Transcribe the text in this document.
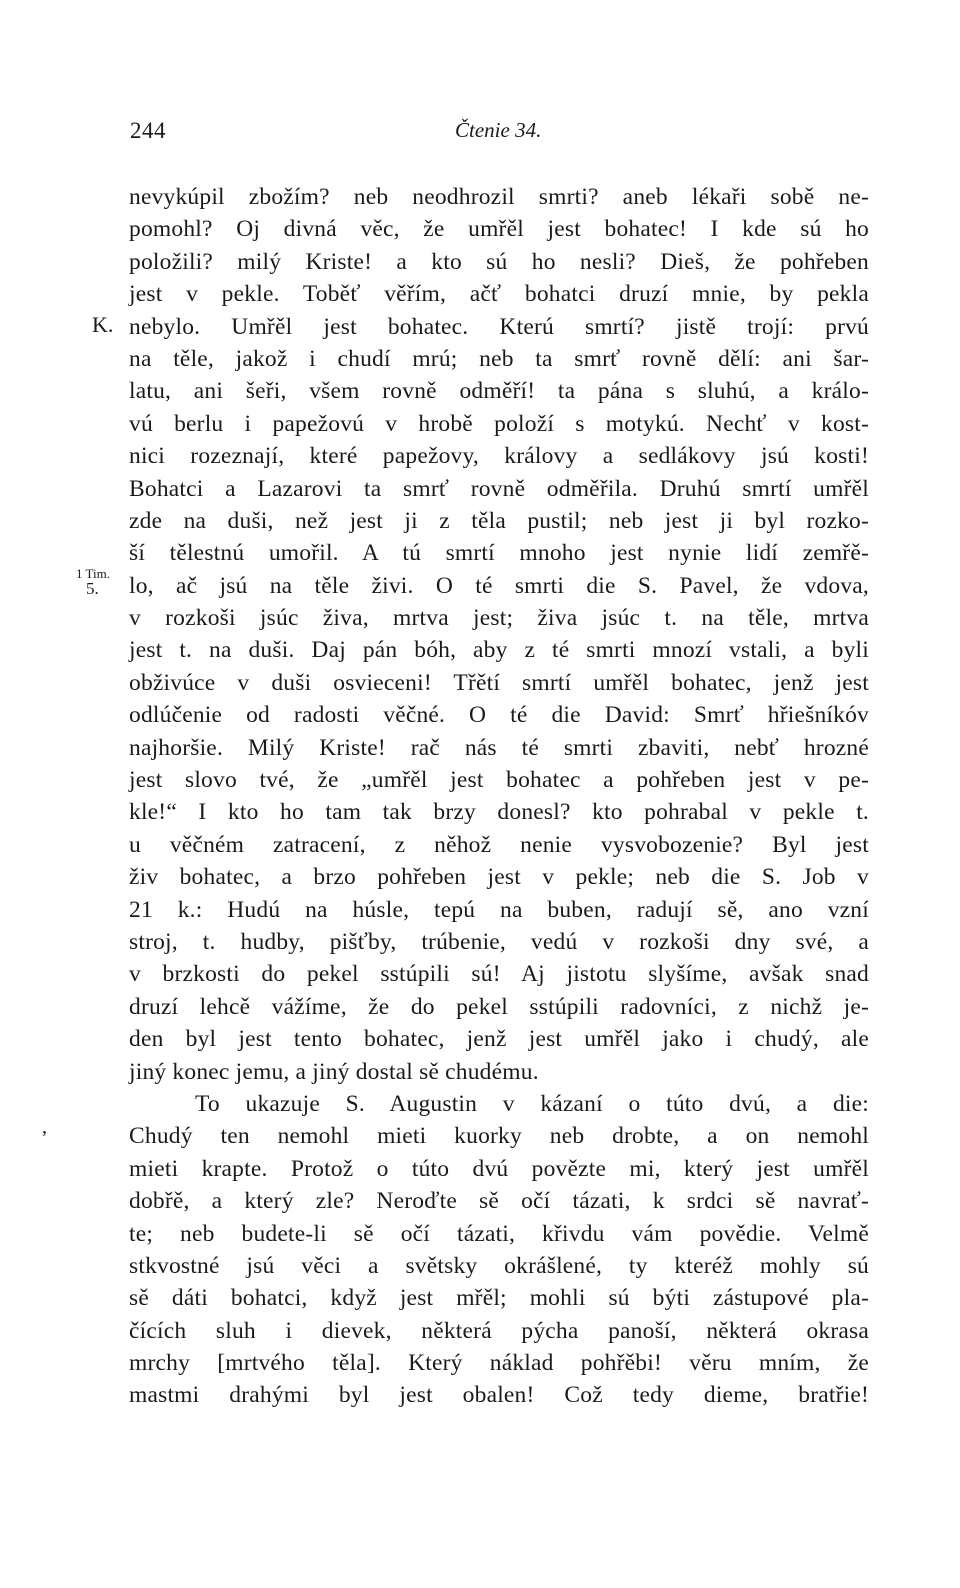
244	Čtenie 34.
K.
1 Tim.
5.
,
nevykúpil zbožím? neb neodhrozil smrti? aneb lékaři sobě ne-
pomohl? Oj divná věc, že umřěl jest bohatec! I kde sú ho
položili? milý Kriste! a kto sú ho nesli? Dieš, že pohřeben
jest v pekle. Toběť věřím, ačť bohatci druzí mnie, by pekla
nebylo. Umřěl jest bohatec. Kterú smrtí? jistě trojí: prvú
na těle, jakož i chudí mrú; neb ta smrť rovně dělí: ani šar-
latu, ani šeři, všem rovně odměří! ta pána s sluhú, a králo-
vú berlu i papežovú v hrobě položí s motykú. Nechť v kost-
nici rozeznají, které papežovy, královy a sedlákovy jsú kosti!
Bohatci a Lazarovi ta smrť rovně odměřila. Druhú smrtí umřěl
zde na duši, než jest ji z těla pustil; neb jest ji byl rozko-
ší tělestnú umořil. A tú smrtí mnoho jest nynie lidí zemřě-
lo, ač jsú na těle živi. O té smrti die S. Pavel, že vdova,
v rozkoši jsúc živa, mrtva jest; živa jsúc t. na těle, mrtva
jest t. na duši. Daj pán bóh, aby z té smrti mnozí vstali, a byli
obživúce v duši osvieceni! Třětí smrtí umřěl bohatec, jenž jest
odlúčenie od radosti věčné. O té die David: Smrť hřiešníkóv
najhoršie. Milý Kriste! rač nás té smrti zbaviti, nebť hrozné
jest slovo tvé, že „umřěl jest bohatec a pohřeben jest v pe-
kle!“ I kto ho tam tak brzy donesl? kto pohrabal v pekle t.
u věčném zatracení, z něhož nenie vysvobozenie? Byl jest
živ bohatec, a brzo pohřeben jest v pekle; neb die S. Job v
21 k.: Hudú na húsle, tepú na buben, radují sě, ano vzní
stroj, t. hudby, pišťby, trúbenie, vedú v rozkoši dny své, a
v brzkosti do pekel sstúpili sú! Aj jistotu slyšíme, avšak snad
druzí lehcě vážíme, že do pekel sstúpili radovníci, z nichž je-
den byl jest tento bohatec, jenž jest umřěl jako i chudý, ale
jiný konec jemu, a jiný dostal sě chudému.
To ukazuje S. Augustin v kázaní o túto dvú, a die:
Chudý ten nemohl mieti kuorky neb drobte, a on nemohl
mieti krapte. Protož o túto dvú povězte mi, který jest umřěl
dobřě, a který zle? Neroďte sě očí tázati, k srdci sě navrať-
te; neb budete-li sě očí tázati, křivdu vám povědie. Velmě
stkvostné jsú věci a světsky okrášlené, ty kteréž mohly sú
sě dáti bohatci, když jest mřěl; mohli sú býti zástupové pla-
čících sluh i dievek, některá pýcha panoší, některá okrasa
mrchy [mrtvého těla]. Který náklad pohřěbi! věru mním, že
mastmi drahými byl jest obalen! Což tedy dieme, bratřie!
